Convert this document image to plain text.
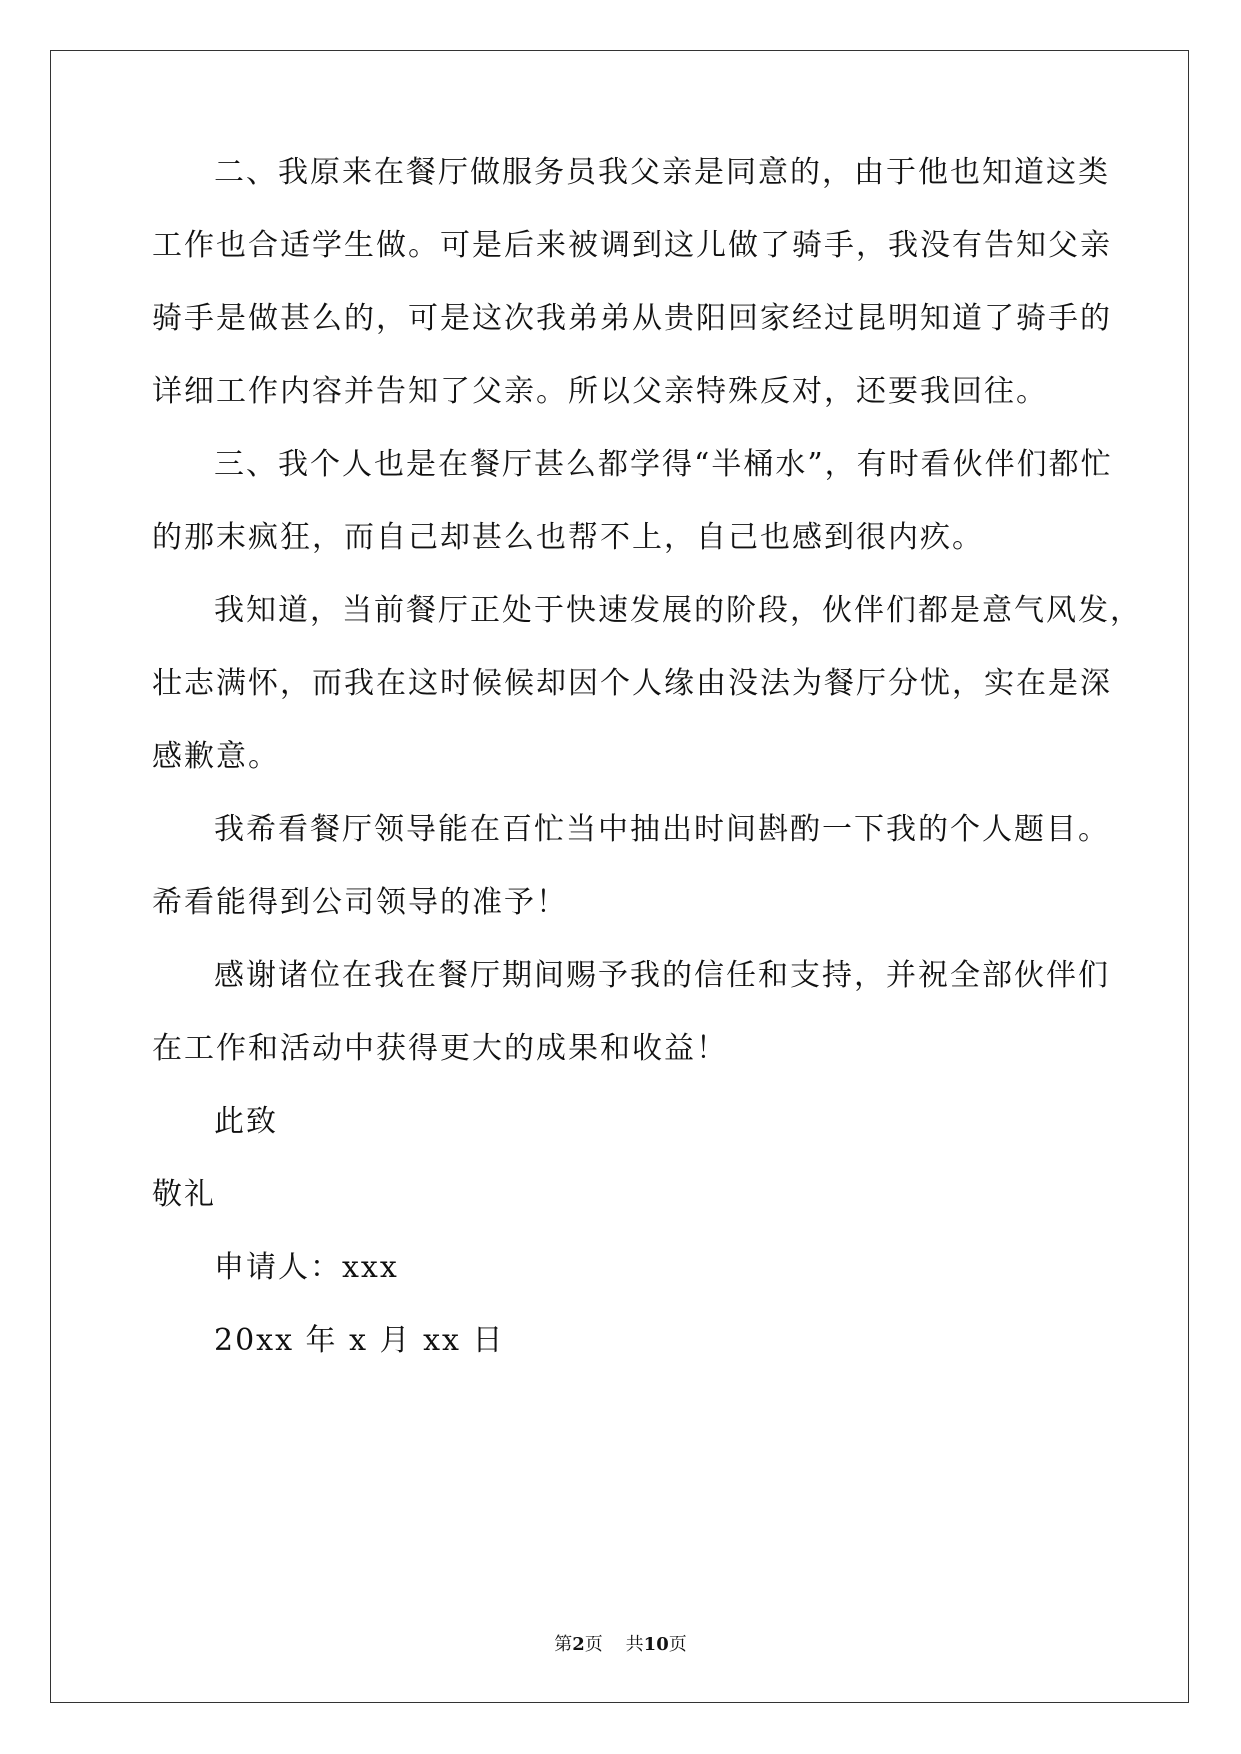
二、我原来在餐厅做服务员我父亲是同意的，由于他也知道这类
工作也合适学生做。可是后来被调到这儿做了骑手，我没有告知父亲
骑手是做甚么的，可是这次我弟弟从贵阳回家经过昆明知道了骑手的
详细工作内容并告知了父亲。所以父亲特殊反对，还要我回往。

三、我个人也是在餐厅甚么都学得“半桶水”，有时看伙伴们都忙
的那末疯狂，而自己却甚么也帮不上，自己也感到很内疚。

我知道，当前餐厅正处于快速发展的阶段，伙伴们都是意气风发，
壮志满怀，而我在这时候候却因个人缘由没法为餐厅分忧，实在是深
感歉意。

我希看餐厅领导能在百忙当中抽出时间斟酌一下我的个人题目。
希看能得到公司领导的准予！

感谢诸位在我在餐厅期间赐予我的信任和支持，并祝全部伙伴们
在工作和活动中获得更大的成果和收益！

此致

敬礼

申请人：xxx

20xx 年 x 月 xx 日

第2页 共10页
